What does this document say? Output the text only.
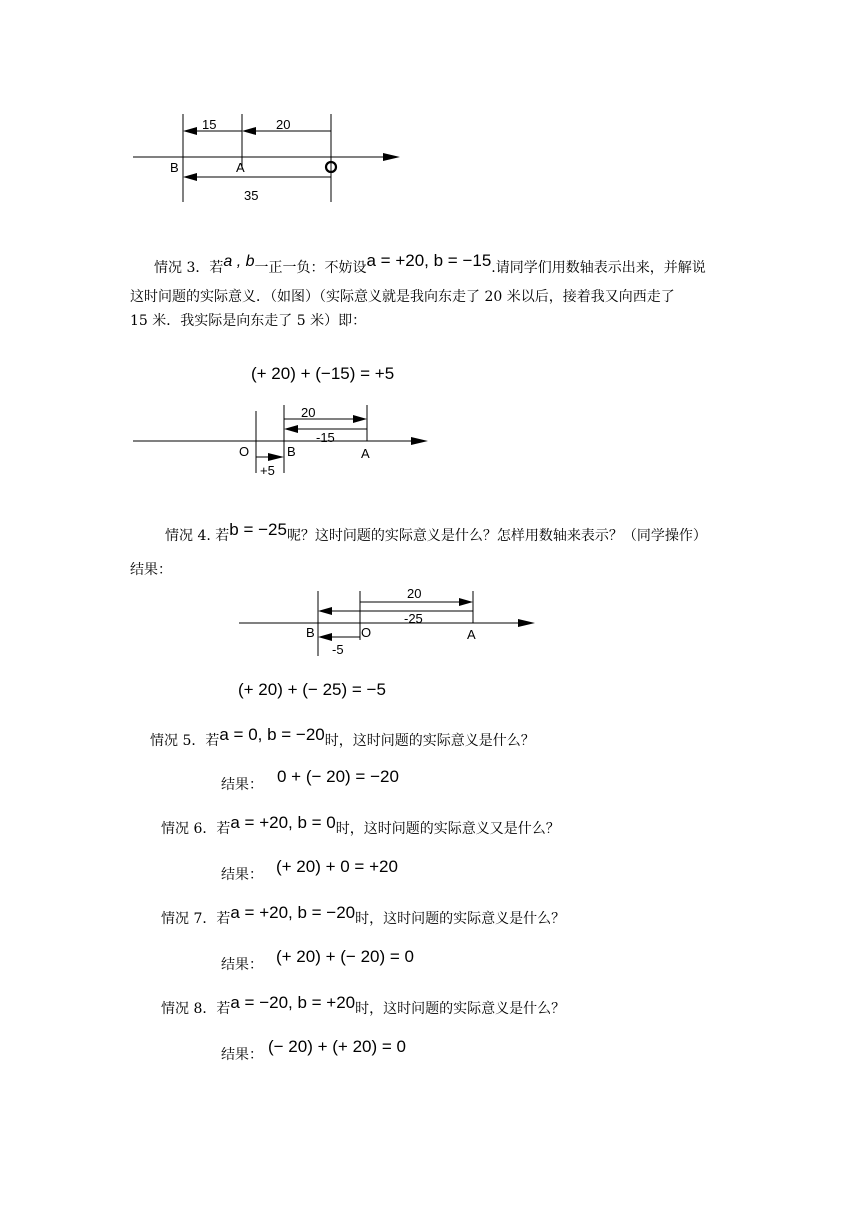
15	20
B	A
35
情况 3．若a , b一正一负：不妨设a = +20, b = −15.请同学们用数轴表示出来，并解说
这时问题的实际意义．（如图）（实际意义就是我向东走了 20 米以后，接着我又向西走了
15 米．我实际是向东走了 5 米）即：
(+ 20) + (−15) = +5
20
-15
O	B	A
+5
情况 4. 若b = −25呢？这时问题的实际意义是什么？怎样用数轴来表示？（同学操作）
结果：
20
-25
B	O	A
-5
(+ 20) + (− 25) = −5
情况 5．若a = 0, b = −20时，这时问题的实际意义是什么？
结果： 0 + (− 20) = −20
情况 6．若a = +20, b = 0时，这时问题的实际意义又是什么？
结果： (+ 20) + 0 = +20
情况 7．若a = +20, b = −20时，这时问题的实际意义是什么？
结果： (+ 20) + (− 20) = 0
情况 8．若a = −20, b = +20时，这时问题的实际意义是什么？
结果： (− 20) + (+ 20) = 0
